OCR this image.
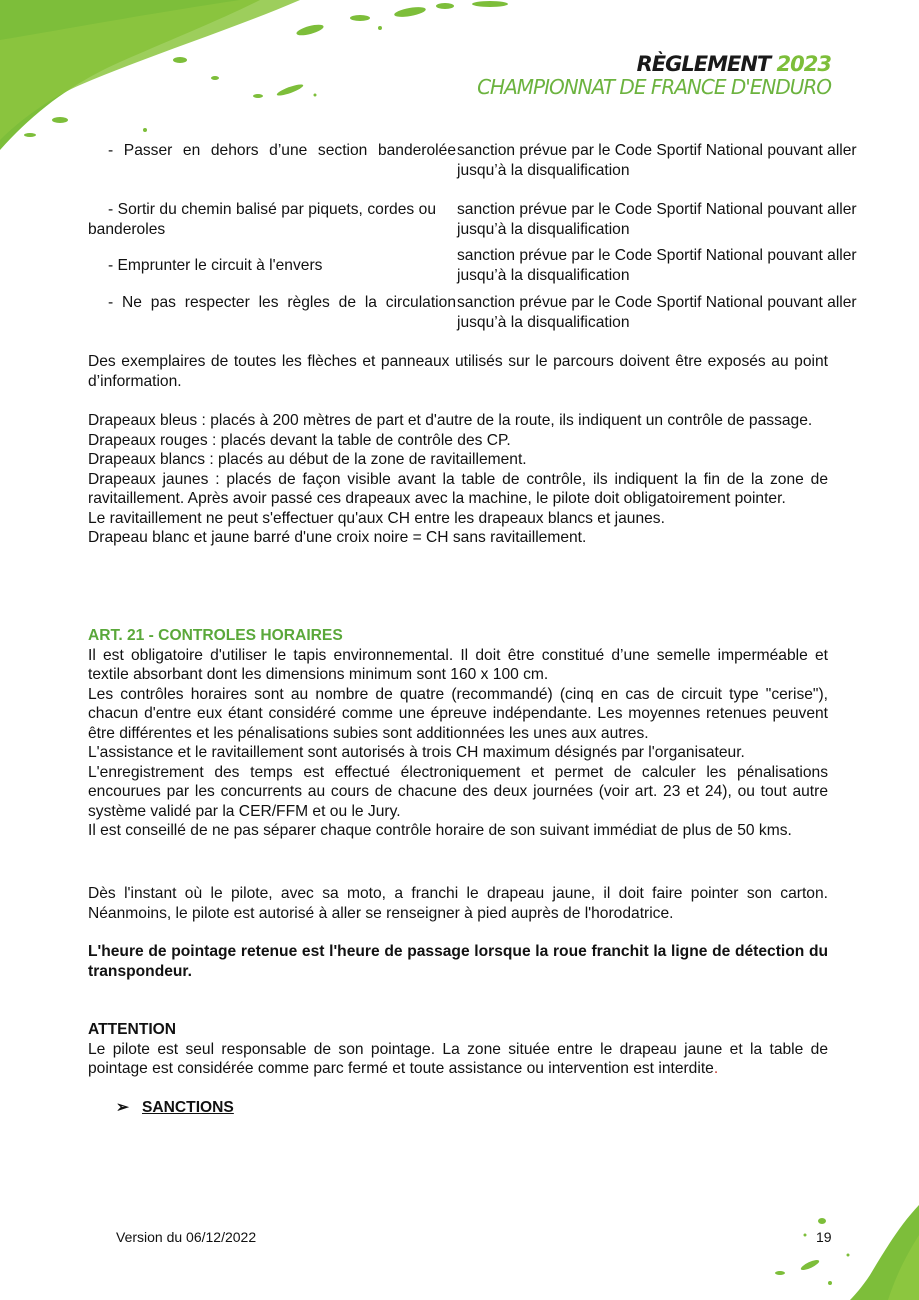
RÈGLEMENT 2023
CHAMPIONNAT DE FRANCE D'ENDURO
- Passer en dehors d’une section banderolée sanction prévue par le Code Sportif National pouvant aller jusqu’à la disqualification
- Sortir du chemin balisé par piquets, cordes ou banderoles
sanction prévue par le Code Sportif National pouvant aller jusqu’à la disqualification
- Emprunter le circuit à l'envers
sanction prévue par le Code Sportif National pouvant aller jusqu’à la disqualification
- Ne pas respecter les règles de la circulation sanction prévue par le Code Sportif National pouvant aller jusqu’à la disqualification

Des exemplaires de toutes les flèches et panneaux utilisés sur le parcours doivent être exposés au point d’information.

Drapeaux bleus : placés à 200 mètres de part et d'autre de la route, ils indiquent un contrôle de passage.

Drapeaux rouges : placés devant la table de contrôle des CP.

Drapeaux blancs : placés au début de la zone de ravitaillement.

Drapeaux jaunes : placés de façon visible avant la table de contrôle, ils indiquent la fin de la zone de ravitaillement. Après avoir passé ces drapeaux avec la machine, le pilote doit obligatoirement pointer.

Le ravitaillement ne peut s'effectuer qu'aux CH entre les drapeaux blancs et jaunes.

Drapeau blanc et jaune barré d'une croix noire = CH sans ravitaillement.

ART. 21 - CONTROLES HORAIRES

Il est obligatoire d'utiliser le tapis environnemental. Il doit être constitué d’une semelle imperméable et textile absorbant dont les dimensions minimum sont 160 x 100 cm.

Les contrôles horaires sont au nombre de quatre (recommandé) (cinq en cas de circuit type "cerise"), chacun d'entre eux étant considéré comme une épreuve indépendante. Les moyennes retenues peuvent être différentes et les pénalisations subies sont additionnées les unes aux autres.

L'assistance et le ravitaillement sont autorisés à trois CH maximum désignés par l'organisateur.

L'enregistrement des temps est effectué électroniquement et permet de calculer les pénalisations encourues par les concurrents au cours de chacune des deux journées (voir art. 23 et 24), ou tout autre système validé par la CER/FFM et ou le Jury.

Il est conseillé de ne pas séparer chaque contrôle horaire de son suivant immédiat de plus de 50 kms.

Dès l'instant où le pilote, avec sa moto, a franchi le drapeau jaune, il doit faire pointer son carton. Néanmoins, le pilote est autorisé à aller se renseigner à pied auprès de l'horodatrice.

L'heure de pointage retenue est l'heure de passage lorsque la roue franchit la ligne de détection du transpondeur.

ATTENTION

Le pilote est seul responsable de son pointage. La zone située entre le drapeau jaune et la table de pointage est considérée comme parc fermé et toute assistance ou intervention est interdite.

➢ SANCTIONS
Version du 06/12/2022	19
